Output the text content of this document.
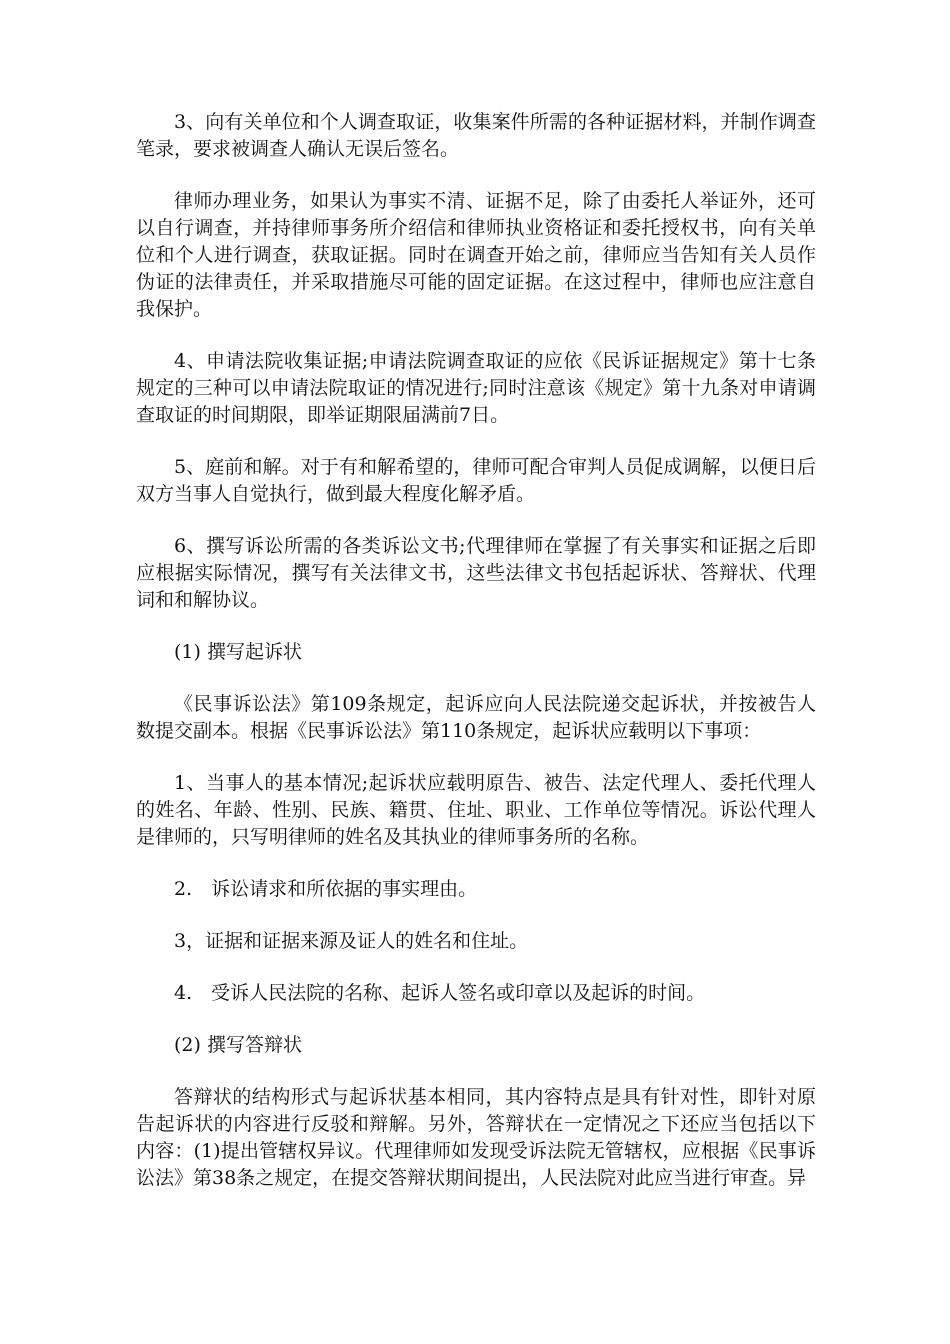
3、向有关单位和个人调查取证，收集案件所需的各种证据材料，并制作调查笔录，要求被调查人确认无误后签名。

律师办理业务，如果认为事实不清、证据不足，除了由委托人举证外，还可以自行调查，并持律师事务所介绍信和律师执业资格证和委托授权书，向有关单位和个人进行调查，获取证据。同时在调查开始之前，律师应当告知有关人员作伪证的法律责任，并采取措施尽可能的固定证据。在这过程中，律师也应注意自我保护。

4、申请法院收集证据;申请法院调查取证的应依《民诉证据规定》第十七条规定的三种可以申请法院取证的情况进行;同时注意该《规定》第十九条对申请调查取证的时间期限，即举证期限届满前7日。

5、庭前和解。对于有和解希望的，律师可配合审判人员促成调解，以便日后双方当事人自觉执行，做到最大程度化解矛盾。

6、撰写诉讼所需的各类诉讼文书;代理律师在掌握了有关事实和证据之后即应根据实际情况，撰写有关法律文书，这些法律文书包括起诉状、答辩状、代理词和和解协议。

(1) 撰写起诉状

《民事诉讼法》第109条规定，起诉应向人民法院递交起诉状，并按被告人数提交副本。根据《民事诉讼法》第110条规定，起诉状应载明以下事项：

1、当事人的基本情况;起诉状应载明原告、被告、法定代理人、委托代理人的姓名、年龄、性别、民族、籍贯、住址、职业、工作单位等情况。诉讼代理人是律师的，只写明律师的姓名及其执业的律师事务所的名称。

2.　诉讼请求和所依据的事实理由。

3，证据和证据来源及证人的姓名和住址。

4.　受诉人民法院的名称、起诉人签名或印章以及起诉的时间。

(2) 撰写答辩状

答辩状的结构形式与起诉状基本相同，其内容特点是具有针对性，即针对原告起诉状的内容进行反驳和辩解。另外，答辩状在一定情况之下还应当包括以下内容：(1)提出管辖权异议。代理律师如发现受诉法院无管辖权，应根据《民事诉讼法》第38条之规定，在提交答辩状期间提出，人民法院对此应当进行审查。异
